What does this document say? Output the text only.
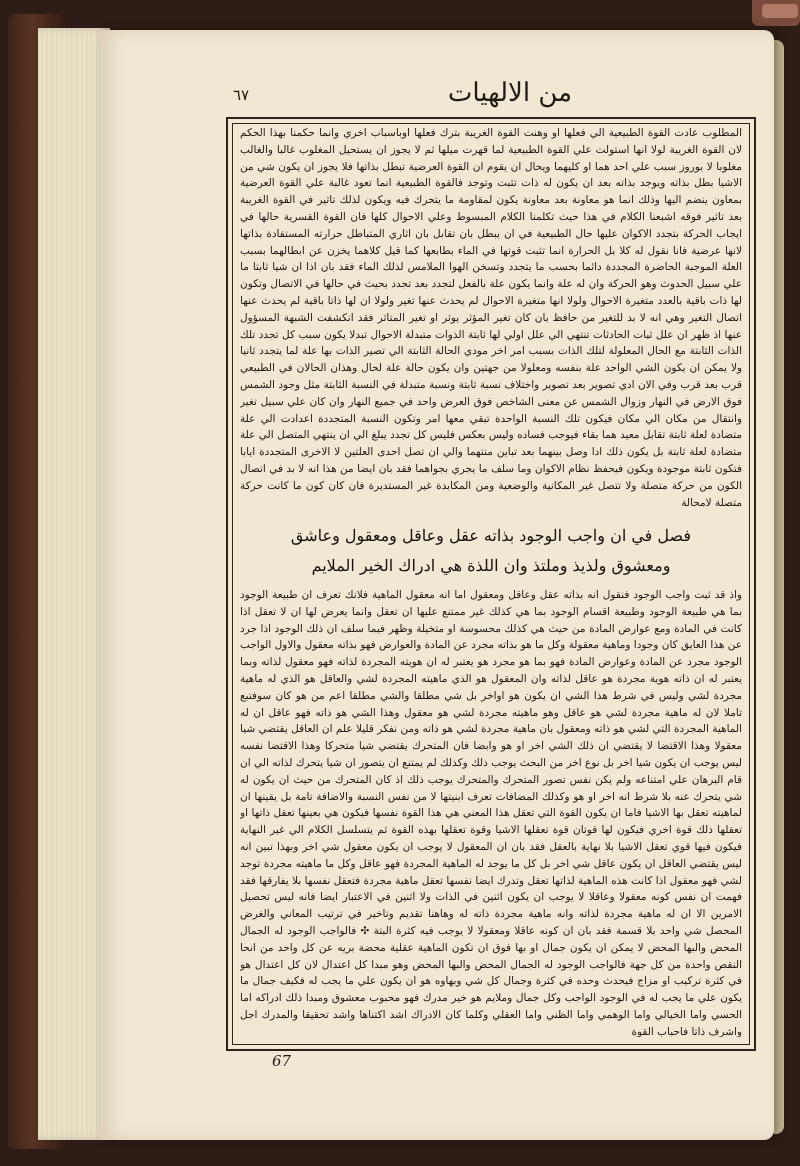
من الالهيات
٦٧
المطلوب عادت القوة الطبيعية الي فعلها او وهنت القوة الغريبة بترك فعلها اوباسباب اخري وانما حكمنا بهذا الحكم لان القوة الغريبة لولا انها استولت علي القوة الطبيعية لما قهرت ميلها ثم لا يجوز ان يستحيل المغلوب غالبا والغالب مغلوبا لا بوروز سبب علي احد هما او كليهما ويحال ان يقوم ان القوة العرضية تبطل بذاتها فلا يجوز ان يكون شي من الاشيا بطل بذاته ويوجد بذاته بعد ان يكون له ذات تثبت وتوجد فالقوة الطبيعية انما تعود غالبة علي القوة العرضية بمعاون ينضم اليها وذلك انما هو معاونة بعد معاونة يكون لمقاومة ما يتحرك فيه ويكون لذلك تاثير في القوة الغريبة بعد تاثير فوقه اشبعنا الكلام في هذا حيث تكلمنا الكلام المبسوط وعلي الاحوال كلها فان القوة القسرية حالها في ايجاب الحركة بتجدد الاكوان عليها حال الطبيعية في ان يبطل بان تقابل بان اثاري المتباطل حرارته المستفادة بذاتها لانها عرضية فانا نقول له كلا بل الحرارة انما تثبت قوتها في الماء بطابعها كما قيل كلاهما يخزن عن ابطالهما بسبب العلة الموجبة الحاضرة المجددة دائما بحسب ما يتجدد وتسخن الهوا الملامس لذلك الماء فقد بان اذا ان شيا ثابتا ما علي سبيل الحدوث وهو الحركة وان له علة وانما يكون علة بالفعل لتجدد بعد تجدد بحيث في حالها في الاتصال وتكون لها ذات باقية بالعدد متغيرة الاحوال ولولا انها متغيرة الاحوال لم يحدث عنها تغير ولولا ان لها ذاتا باقية لم يحدث عنها اتصال التغير وهي انه لا بد للتغير من حافظ بان كان تغير المؤثر يوثر او تغير المتاثر فقد انكشفت الشبهة المسؤول عنها اذ ظهر ان علل ثبات الحادثات تنتهي الي علل اولي لها ثابتة الذوات متبدلة الاحوال تبدلا يكون سبب كل تجدد تلك الذات الثابتة مع الحال المعلولة لتلك الذات بسبب امر اخر مودي الحالة الثابتة الي تصير الذات بها علة لما يتجدد ثانيا ولا يمكن ان يكون الشي الواحد علة بنفسه ومعلولا من جهتين وان يكون حالة علة لحال وهذان الحالان في الطبيعي قرب بعد قرب وفي الان ادي تصوير بعد تصوير واختلاف نسبة ثابتة ونسبة متبدلة في النسبة الثابتة مثل وجود الشمس فوق الارض في النهار وزوال الشمس عن معنى الشاخص فوق العرض واحد في جميع النهار وان كان علي سبيل تغير وانتقال من مكان الي مكان فيكون تلك النسبة الواحدة تبقي معها امر وتكون النسبة المتجددة اعدادت الي علة متضادة لعلة ثابتة تقابل معيد هما بقاء فيوجب فساده وليس بعكس فليس كل تجدد يبلغ الي ان ينتهي المتصل الي علة متضادة لعلة ثابتة بل يكون ذلك ادا وصل بينهما بعد تباين منتهما والي ان تصل احدى العلتين لا الاخرى المتجددة ايابا فتكون ثابتة موجودة ويكون فيحفظ نظام الاكوان وما سلف ما يجري بجواهما فقد بان ايضا من هذا انه لا بد في اتصال الكون من حركة متصلة ولا تتصل غير المكانية والوضعية ومن المكابدة غير المستديرة فان كان كون ما كانت حركة متصلة لامحالة
فصل في ان واجب الوجود بذاته عقل وعاقل ومعقول وعاشق
ومعشوق ولذيذ وملتذ وان اللذة هي ادراك الخير الملايم
واذ قد ثبت واجب الوجود فنقول انه بذاته عقل وعاقل ومعقول اما انه معقول الماهية فلانك تعرف ان طبيعة الوجود بما هي طبيعة الوجود وطبيعة اقسام الوجود بما هي كذلك غير ممتنع عليها ان تعقل وانما يعرض لها ان لا تعقل اذا كانت في المادة ومع عوارض المادة من حيث هي كذلك محسوسة او متخيلة وظهر فيما سلف ان ذلك الوجود اذا جرد عن هذا العايق كان وجودا وماهية معقولة وكل ما هو بذاته مجرد عن المادة والعوارض فهو بذاته معقول والاول الواجب الوجود مجرد عن المادة وعوارض المادة فهو بما هو مجرد هو يعتبر له ان هويته المجردة لذاته فهو معقول لذاته وبما يعتبر له ان ذاته هوية مجردة هو عاقل لذاته وان المعقول هو الذي ماهيته المجردة لشي والعاقل هو الذي له ماهية مجردة لشي وليس في شرط هذا الشي ان يكون هو اواخر بل شي مطلقا والشي مطلقا اعم من هو كان سوفتبع تاملا لان له ماهية مجردة لشي هو عاقل وهو ماهيته مجردة لشي هو معقول وهذا الشي هو ذاته فهو عاقل ان له الماهية المجردة التي لشي هو ذاته ومعقول بان ماهية مجردة لشي هو ذاته ومن نفكر قليلا علم ان العاقل يقتضي شيا معقولا وهذا الاقتضا لا يقتضي ان ذلك الشي اخر او هو وابضا فان المتحرك يقتضي شيا متحركا وهذا الاقتضا نفسه ليس يوجب ان يكون شيا اخر بل نوع اخر من البحث يوجب ذلك وكذلك لم يمتنع ان يتصور ان شيا يتحرك لذاته الي ان قام البرهان علي امتناعه ولم يكن نفس تصور المتحرك والمتحرك يوجب ذلك اذ كان المتحرك من حيث ان يكون له شي يتحرك عنه بلا شرط انه اخر او هو وكذلك المضافات تعرف ابنيتها لا من نفس النسبة والاضافة تامة بل يقينها ان لماهيته تعقل بها الاشيا فاما ان يكون القوة التي تعقل هذا المعني هي هذا القوة نفسها فيكون هي بعينها تعقل ذاتها او تعقلها ذلك قوة اخري فيكون لها قوتان قوة تعقلها الاشيا وقوة تعقلها بهذه القوة ثم يتسلسل الكلام الي غير النهاية فيكون فيها قوي تعقل الاشيا بلا نهاية بالعقل فقد بان ان المعقول لا يوجب ان يكون معقول شي اخر وبهذا تبين انه ليس يقتضي العاقل ان يكون عاقل شي اخر بل كل ما يوجد له الماهية المجردة فهو عاقل وكل ما ماهيته مجردة توجد لشي فهو معقول اذا كانت هذه الماهية لذاتها تعقل وتدرك ايضا نفسها تعقل ماهية مجردة فتعقل نفسها بلا يفارقها فقد فهمت ان نفس كونه معقولا وعاقلا لا يوجب ان يكون اثنين في الذات ولا اثنين في الاعتبار ايضا فانه ليس تحصيل الامرين الا ان له ماهية مجردة لذاته وانه ماهية مجردة ذاته له وهاهنا تقديم وتاخير في ترتيب المعاني والغرض المحصل شي واحد بلا قسمة فقد بان ان كونه عاقلا ومعقولا لا يوجب فيه كثرة البتة ✣ فالواجب الوجود له الجمال المحض والبها المحض لا يمكن ان يكون جمال او بها فوق ان تكون الماهية عقلية محضة بريه عن كل واحد من انحا النقص واحدة من كل جهة فالواجب الوجود له الجمال المحض والبها المحض وهو مبدا كل اعتدال لان كل اعتدال هو في كثرة تركيب او مزاج فيحدث وحده في كثرة وجمال كل شي وبهاوه هو ان يكون علي ما يجب له فكيف جمال ما يكون علي ما يجب له في الوجود الواجب وكل جمال وملايم هو خير مدرك فهو محبوب معشوق ومبدا ذلك ادراكه اما الحسي واما الخيالي واما الوهمي واما الظني واما العقلي وكلما كان الادراك اشد اكتناها واشد تحقيقا والمدرك اجل واشرف ذاتا فاحباب القوة
67
